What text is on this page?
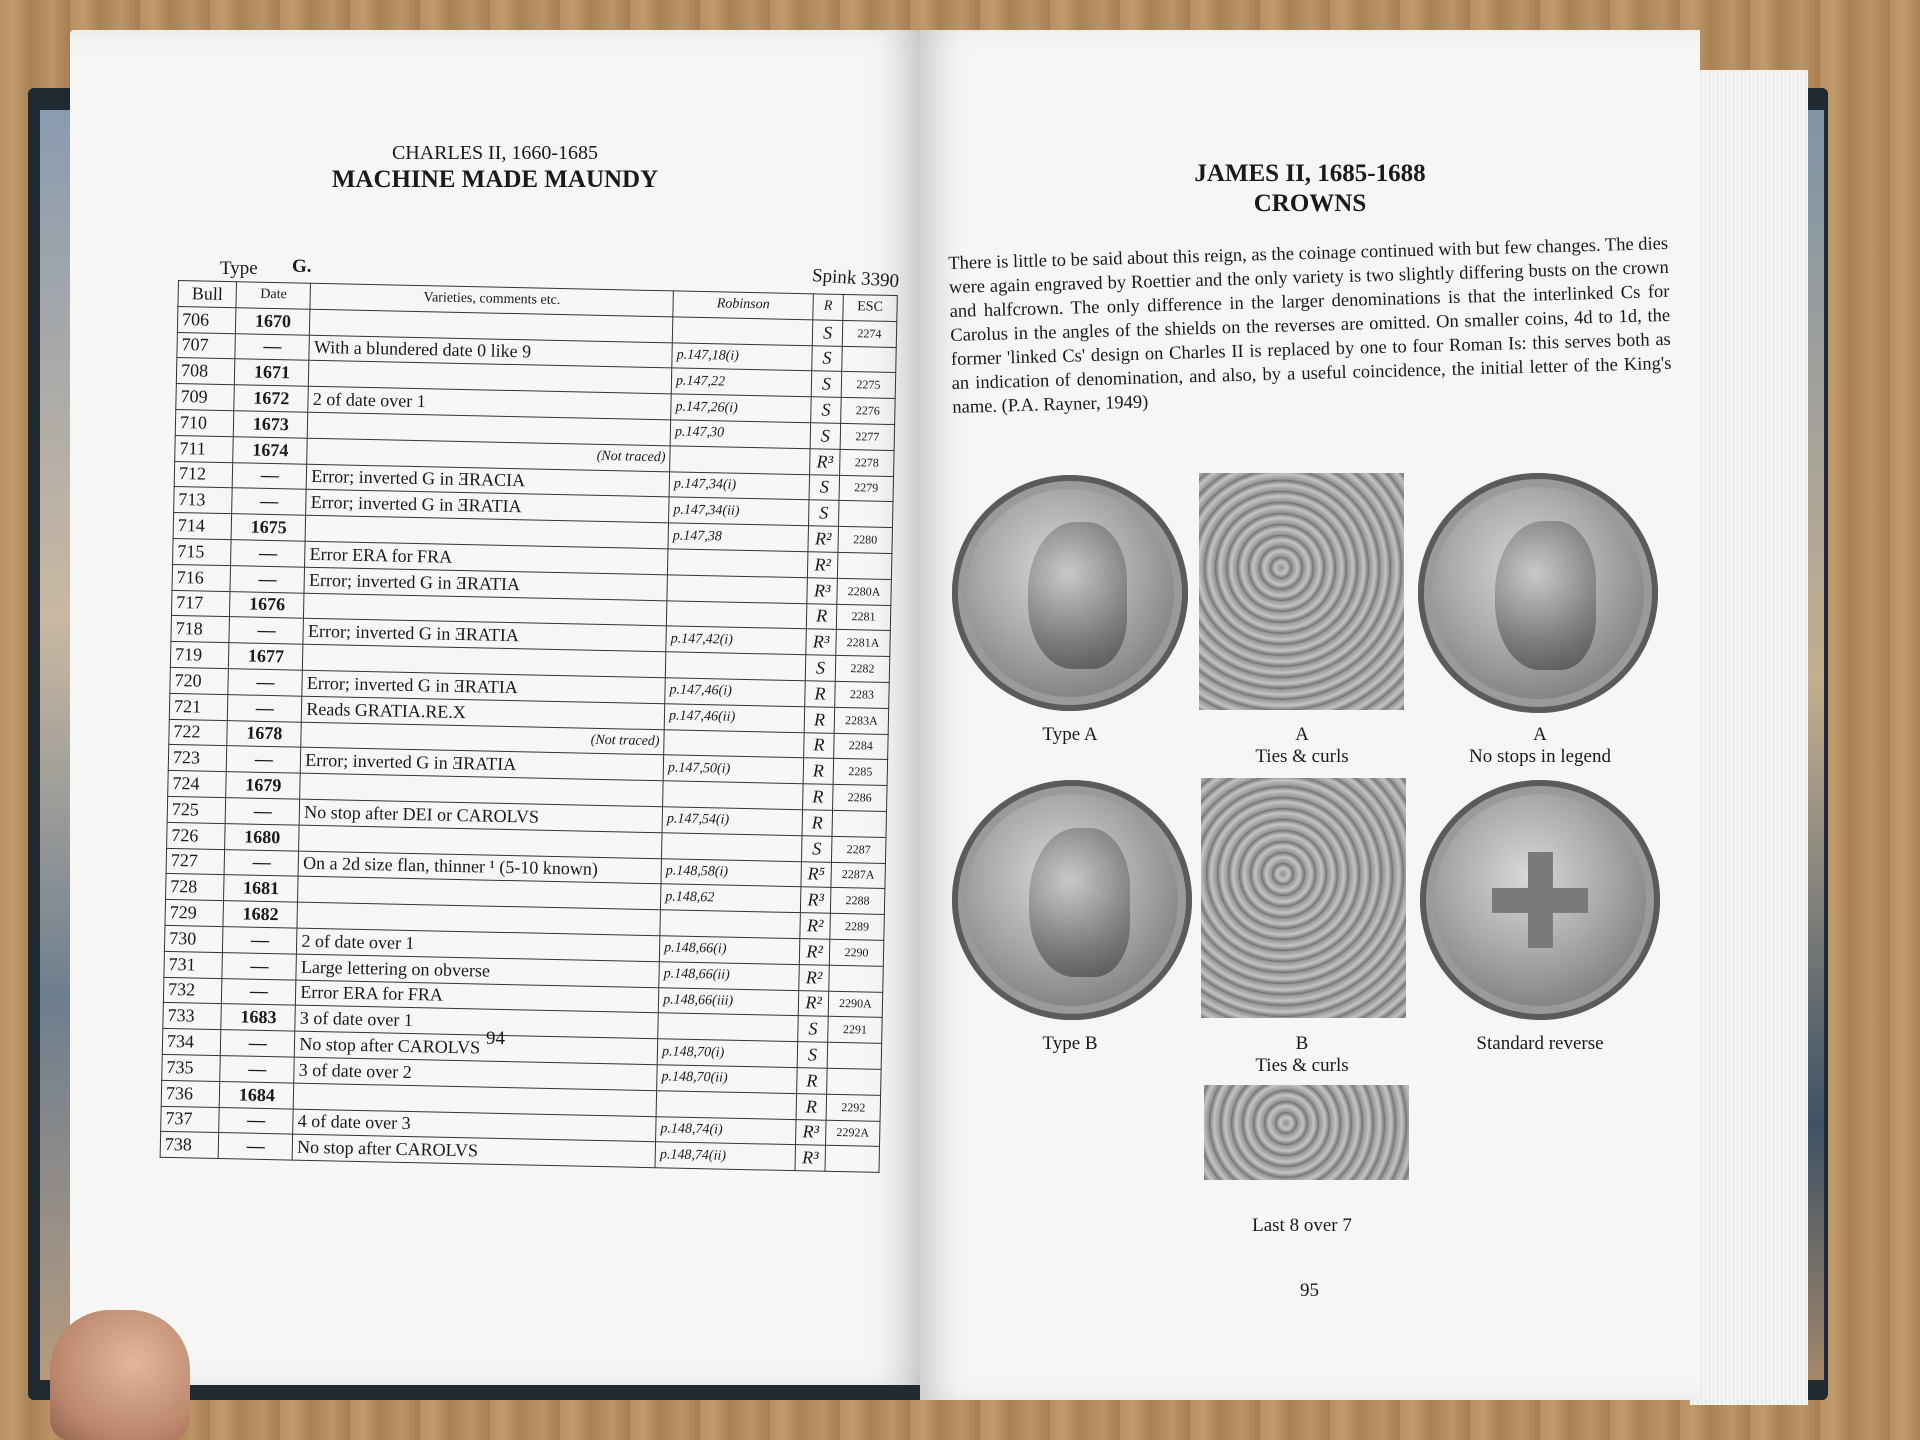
CHARLES II, 1660-1685
MACHINE MADE MAUNDY
Type G.	Spink 3390
Bull	Date	Varieties, comments etc.	Robinson	R	ESC
706	1670			S	2274
707	—	With a blundered date 0 like 9	p.147,18(i)	S	
708	1671		p.147,22	S	2275
709	1672	2 of date over 1	p.147,26(i)	S	2276
710	1673		p.147,30	S	2277
711	1674	(Not traced)		R³	2278
712	—	Error; inverted G in ƎRACIA	p.147,34(i)	S	2279
713	—	Error; inverted G in ƎRATIA	p.147,34(ii)	S	
714	1675		p.147,38	R²	2280
715	—	Error ERA for FRA		R²	
716	—	Error; inverted G in ƎRATIA		R³	2280A
717	1676			R	2281
718	—	Error; inverted G in ƎRATIA	p.147,42(i)	R³	2281A
719	1677			S	2282
720	—	Error; inverted G in ƎRATIA	p.147,46(i)	R	2283
721	—	Reads GRATIA.RE.X	p.147,46(ii)	R	2283A
722	1678	(Not traced)		R	2284
723	—	Error; inverted G in ƎRATIA	p.147,50(i)	R	2285
724	1679			R	2286
725	—	No stop after DEI or CAROLVS	p.147,54(i)	R	
726	1680			S	2287
727	—	On a 2d size flan, thinner ¹ (5-10 known)	p.148,58(i)	R⁵	2287A
728	1681		p.148,62	R³	2288
729	1682			R²	2289
730	—	2 of date over 1	p.148,66(i)	R²	2290
731	—	Large lettering on obverse	p.148,66(ii)	R²	
732	—	Error ERA for FRA	p.148,66(iii)	R²	2290A
733	1683	3 of date over 1		S	2291
734	—	No stop after CAROLVS	p.148,70(i)	S	
735	—	3 of date over 2	p.148,70(ii)	R	
736	1684			R	2292
737	—	4 of date over 3	p.148,74(i)	R³	2292A
738	—	No stop after CAROLVS	p.148,74(ii)	R³	
94
JAMES II, 1685-1688
CROWNS
There is little to be said about this reign, as the coinage continued with but few changes. The dies were again engraved by Roettier and the only variety is two slightly differing busts on the crown and halfcrown. The only difference in the larger denominations is that the interlinked Cs for Carolus in the angles of the shields on the reverses are omitted. On smaller coins, 4d to 1d, the former 'linked Cs' design on Charles II is replaced by one to four Roman Is: this serves both as an indication of denomination, and also, by a useful coincidence, the initial letter of the King's name. (P.A. Rayner, 1949)
Type A	A
Ties & curls
A
No stops in legend
Type B	B
Ties & curls
Standard reverse
Last 8 over 7
95
